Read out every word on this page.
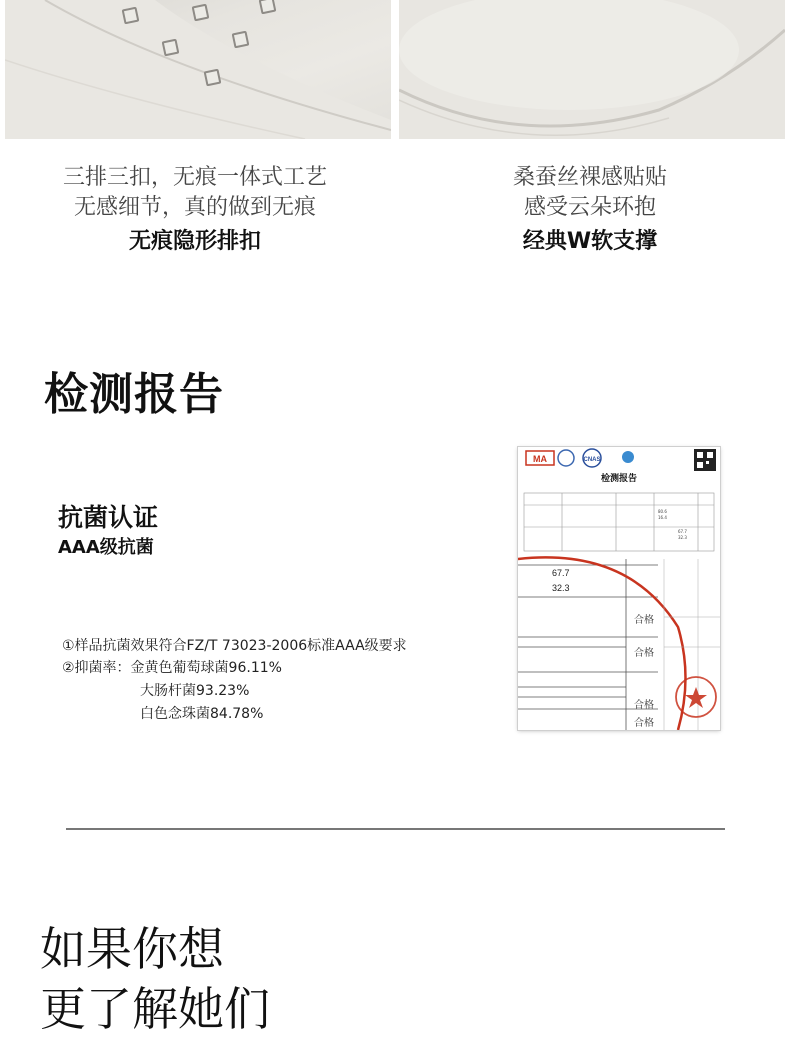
三排三扣，无痕一体式工艺
无感细节，真的做到无痕
无痕隐形排扣
桑蚕丝裸感贴贴
感受云朵环抱
经典W软支撑
检测报告
抗菌认证
AAA级抗菌
①样品抗菌效果符合FZ/T 73023-2006标准AAA级要求
②抑菌率：金黄色葡萄球菌96.11%
大肠杆菌93.23%
白色念珠菌84.78%
MA	CNAS
检测报告
80.6
16.4
67.7
32.3
67.7
32.3
合格
合格
合格
合格
如果你想
更了解她们
